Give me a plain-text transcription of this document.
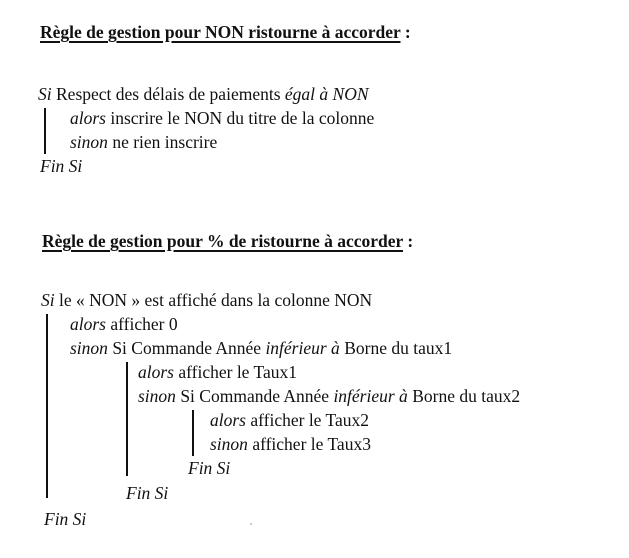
Règle de gestion pour NON ristourne à accorder :
Si Respect des délais de paiements égal à NON
alors inscrire le NON du titre de la colonne
sinon ne rien inscrire
Fin Si
Règle de gestion pour % de ristourne à accorder :
Si le « NON » est affiché dans la colonne NON
alors afficher 0
sinon Si Commande Année inférieur à Borne du taux1
alors afficher le Taux1
sinon Si Commande Année inférieur à Borne du taux2
alors afficher le Taux2
sinon afficher le Taux3
Fin Si
Fin Si
Fin Si
